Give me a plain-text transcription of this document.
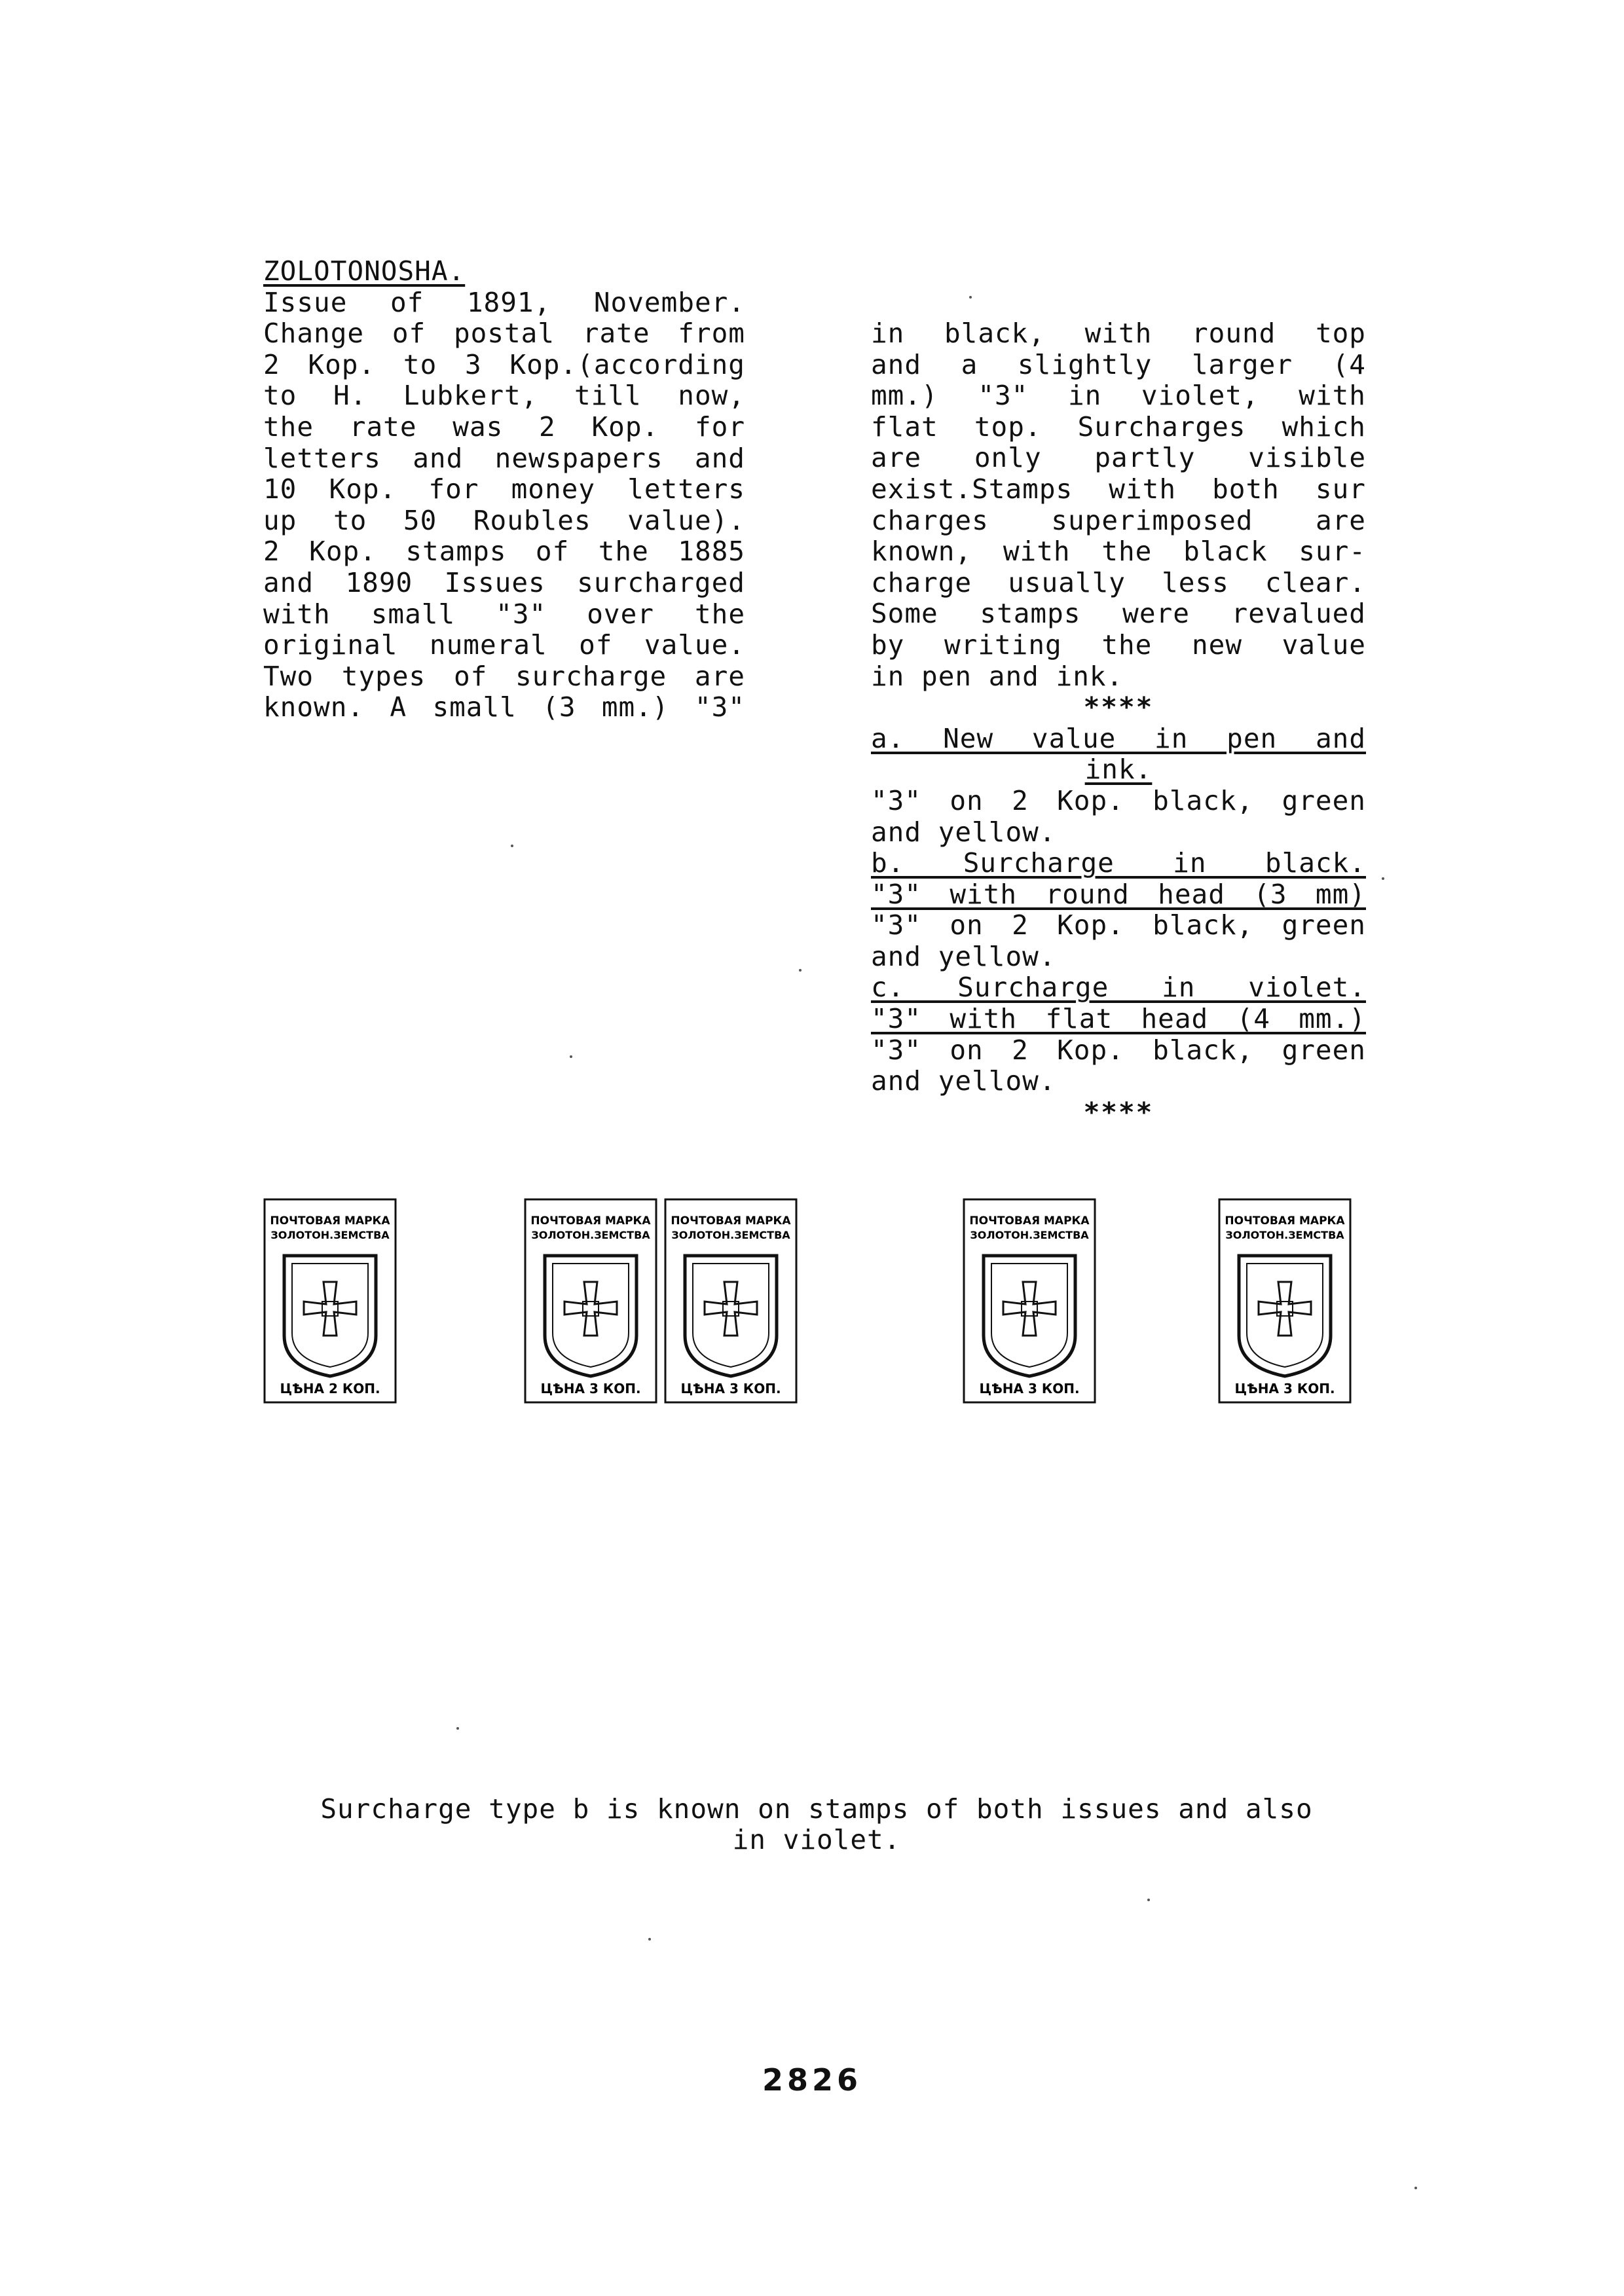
ZOLOTONOSHA.
Issue of 1891, November.
Change of postal rate from
2 Kop. to 3 Kop.(according
to H. Lubkert, till now,
the rate was 2 Kop. for
letters and newspapers and
10 Kop. for money letters
up to 50 Roubles value).
2 Kop. stamps of the 1885
and 1890 Issues surcharged
with small "3" over the
original numeral of value.
Two types of surcharge are
known. A small (3 mm.) "3"
in black, with round top
and a slightly larger (4
mm.) "3" in violet, with
flat top. Surcharges which
are only partly visible
exist.Stamps with both sur
charges superimposed are
known, with the black sur-
charge usually less clear.
Some stamps were revalued
by writing the new value
in pen and ink.
****
a. New value in pen and
ink.
"3" on 2 Kop. black, green
and yellow.
b. Surcharge in black.
"3" with round head (3 mm)
"3" on 2 Kop. black, green
and yellow.
c. Surcharge in violet.
"3" with flat head (4 mm.)
"3" on 2 Kop. black, green
and yellow.
****
ПОЧТОВАЯ МАРКА
ЗОЛОТОН.ЗЕМСТВА
ЦѢНА 2 КОП.
ПОЧТОВАЯ МАРКА
ЗОЛОТОН.ЗЕМСТВА
ЦѢНА 3 КОП.
ПОЧТОВАЯ МАРКА
ЗОЛОТОН.ЗЕМСТВА
ЦѢНА 3 КОП.
ПОЧТОВАЯ МАРКА
ЗОЛОТОН.ЗЕМСТВА
ЦѢНА 3 КОП.
ПОЧТОВАЯ МАРКА
ЗОЛОТОН.ЗЕМСТВА
ЦѢНА 3 КОП.
Surcharge type b is known on stamps of both issues and also
in violet.
2826
